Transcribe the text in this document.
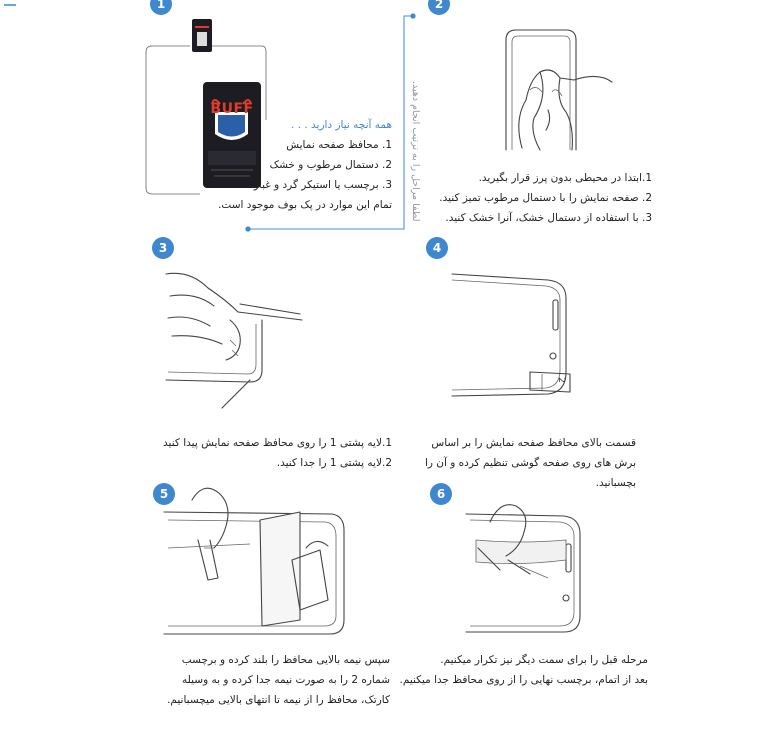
1	2
3	4
5	6
BUFF
همه آنچه نیاز دارید . . .
1. محافظ صفحه نمایش
2. دستمال مرطوب و خشک
3. برچسب یا استیکر گرد و غبار
تمام این موارد در پک بوف موجود است. لطفا مراحل را به ترتیب انجام دهید.	1.ابتدا در محیطی بدون پرز قرار بگیرید.
2. صفحه نمایش را با دستمال مرطوب تمیز کنید.
3. با استفاده از دستمال خشک، آنرا خشک کنید.
1.لایه پشتی 1 را روی محافظ صفحه نمایش پیدا کنید
2.لایه پشتی 1 را جدا کنید.
2
قسمت بالای محافظ صفحه نمایش را بر اساس
برش های روی صفحه گوشی تنظیم کرده و آن را
بچسبانید.
سپس نیمه بالایی محافظ را بلند کرده و برچسب
شماره 2 را به صورت نیمه جدا کرده و به وسیله
کارتک، محافظ را از نیمه تا انتهای بالایی میچسبانیم.
مرحله قبل را برای سمت دیگر نیز تکرار میکنیم.
بعد از اتمام، برچسب نهایی را از روی محافظ جدا میکنیم.
